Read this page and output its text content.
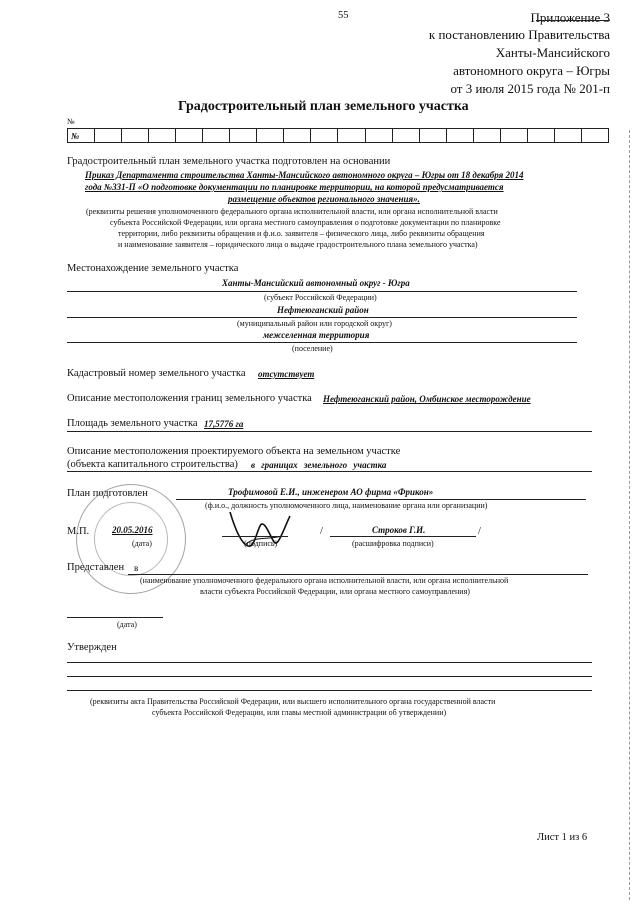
55	Приложение 3
к постановлению Правительства
Ханты-Мансийского
автономного округа – Югры
от 3 июля 2015 года № 201-п
Градостроительный план земельного участка
№
№
Градостроительный план земельного участка подготовлен на основании
Приказ Департамента строительства Ханты-Мансийского автономного округа – Югры от 18 декабря 2014
года №331-П «О подготовке документации по планировке территории, на которой предусматривается
размещение объектов регионального значения».
(реквизиты решения уполномоченного федерального органа исполнительной власти, или органа исполнительной власти
субъекта Российской Федерации, или органа местного самоуправления о подготовке документации по планировке
территории, либо реквизиты обращения и ф.и.о. заявителя – физического лица, либо реквизиты обращения
и наименование заявителя – юридического лица о выдаче градостроительного плана земельного участка)
Местонахождение земельного участка
Ханты-Мансийский автономный округ - Югра
(субъект Российской Федерации)
Нефтеюганский район
(муниципальный район или городской округ)
межселенная территория
(поселение)
Кадастровый номер земельного участка отсутствует
Описание местоположения границ земельного участка Нефтеюганский район, Омбинское месторождение
Площадь земельного участка 17,5776 га
Описание местоположения проектируемого объекта на земельном участке
(объекта капитального строительства) в границах земельного участка
План подготовлен	Трофимовой Е.И., инженером АО фирма «Фрикон»
(ф.и.о., должность уполномоченного лица, наименование органа или организации)
М.П.	20.05.2016
(дата)	(подпись)
/	Строков Г.И.	/
(расшифровка подписи)
Представлен в
(наименование уполномоченного федерального органа исполнительной власти, или органа исполнительной
власти субъекта Российской Федерации, или органа местного самоуправления)
(дата)
Утвержден
(реквизиты акта Правительства Российской Федерации, или высшего исполнительного органа государственной власти
субъекта Российской Федерации, или главы местной администрации об утверждении)
Лист 1 из 6
